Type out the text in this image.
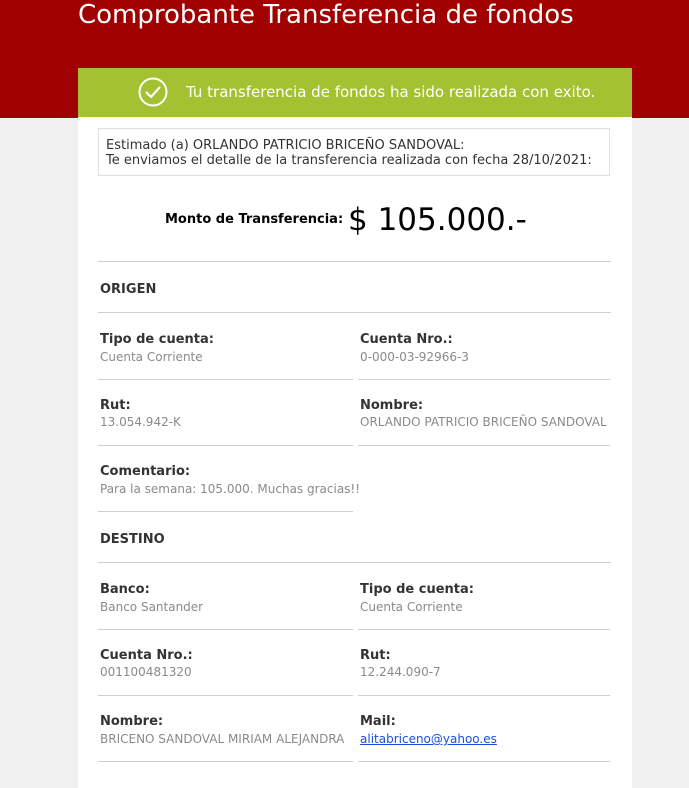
Comprobante Transferencia de fondos
Tu transferencia de fondos ha sido realizada con exito.
Estimado (a) ORLANDO PATRICIO BRICEÑO SANDOVAL:
Te enviamos el detalle de la transferencia realizada con fecha 28/10/2021:
Monto de Transferencia: $ 105.000.-
ORIGEN
Tipo de cuenta:
Cuenta Corriente
Cuenta Nro.:
0-000-03-92966-3
Rut:
13.054.942-K
Nombre:
ORLANDO PATRICIO BRICEÑO SANDOVAL
Comentario:
Para la semana: 105.000. Muchas gracias!!
DESTINO
Banco:
Banco Santander
Tipo de cuenta:
Cuenta Corriente
Cuenta Nro.:
001100481320
Rut:
12.244.090-7
Nombre:
BRICENO SANDOVAL MIRIAM ALEJANDRA
Mail:
alitabriceno@yahoo.es
